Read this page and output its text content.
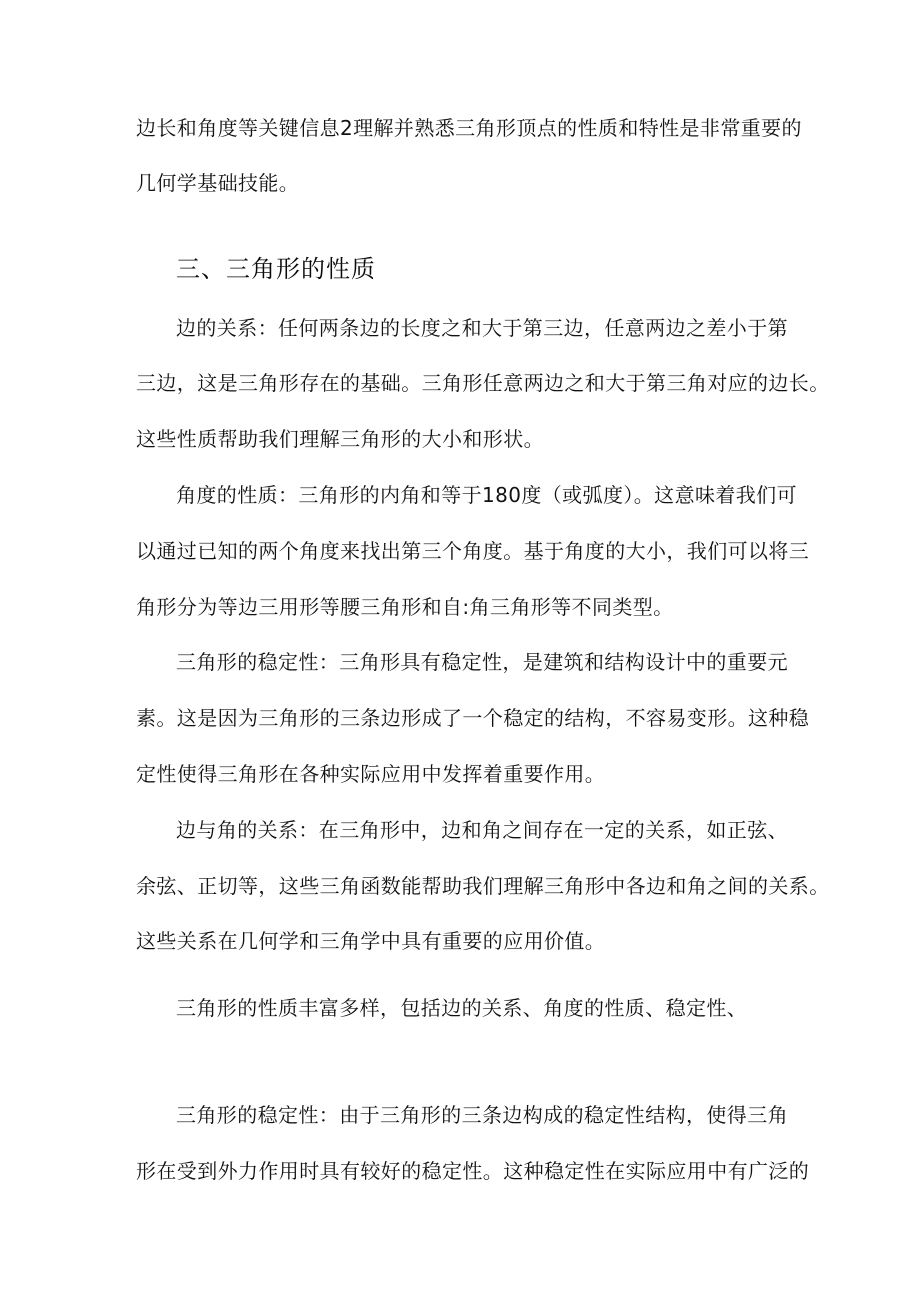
边长和角度等关键信息2理解并熟悉三角形顶点的性质和特性是非常重要的
几何学基础技能。
三、三角形的性质
边的关系：任何两条边的长度之和大于第三边，任意两边之差小于第
三边，这是三角形存在的基础。三角形任意两边之和大于第三角对应的边长。
这些性质帮助我们理解三角形的大小和形状。
角度的性质：三角形的内角和等于180度（或弧度）。这意味着我们可
以通过已知的两个角度来找出第三个角度。基于角度的大小，我们可以将三
角形分为等边三用形等腰三角形和自:角三角形等不同类型。
三角形的稳定性：三角形具有稳定性，是建筑和结构设计中的重要元
素。这是因为三角形的三条边形成了一个稳定的结构，不容易变形。这种稳
定性使得三角形在各种实际应用中发挥着重要作用。
边与角的关系：在三角形中，边和角之间存在一定的关系，如正弦、
余弦、正切等，这些三角函数能帮助我们理解三角形中各边和角之间的关系。
这些关系在几何学和三角学中具有重要的应用价值。
三角形的性质丰富多样，包括边的关系、角度的性质、稳定性、
三角形的稳定性：由于三角形的三条边构成的稳定性结构，使得三角
形在受到外力作用时具有较好的稳定性。这种稳定性在实际应用中有广泛的
